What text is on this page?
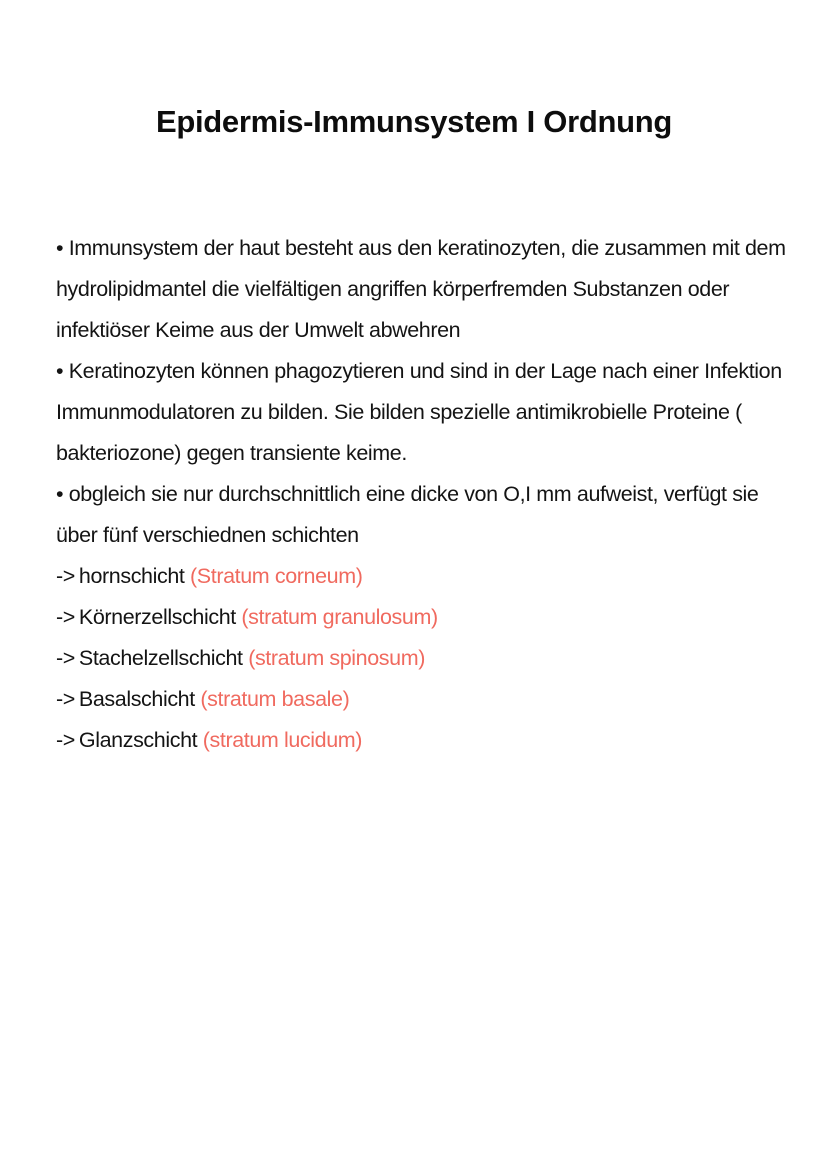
Epidermis-Immunsystem I Ordnung

• Immunsystem der haut besteht aus den keratinozyten, die zusammen mit dem hydrolipidmantel die vielfältigen angriffen körperfremden Substanzen oder infektiöser Keime aus der Umwelt abwehren

• Keratinozyten können phagozytieren und sind in der Lage nach einer Infektion Immunmodulatoren zu bilden. Sie bilden spezielle antimikrobielle Proteine ( bakteriozone) gegen transiente keime.

• obgleich sie nur durchschnittlich eine dicke von O,I mm aufweist, verfügt sie über fünf verschiednen schichten

-> hornschicht (Stratum corneum)
-> Körnerzellschicht (stratum granulosum)
-> Stachelzellschicht (stratum spinosum)
-> Basalschicht (stratum basale)
-> Glanzschicht (stratum lucidum)
